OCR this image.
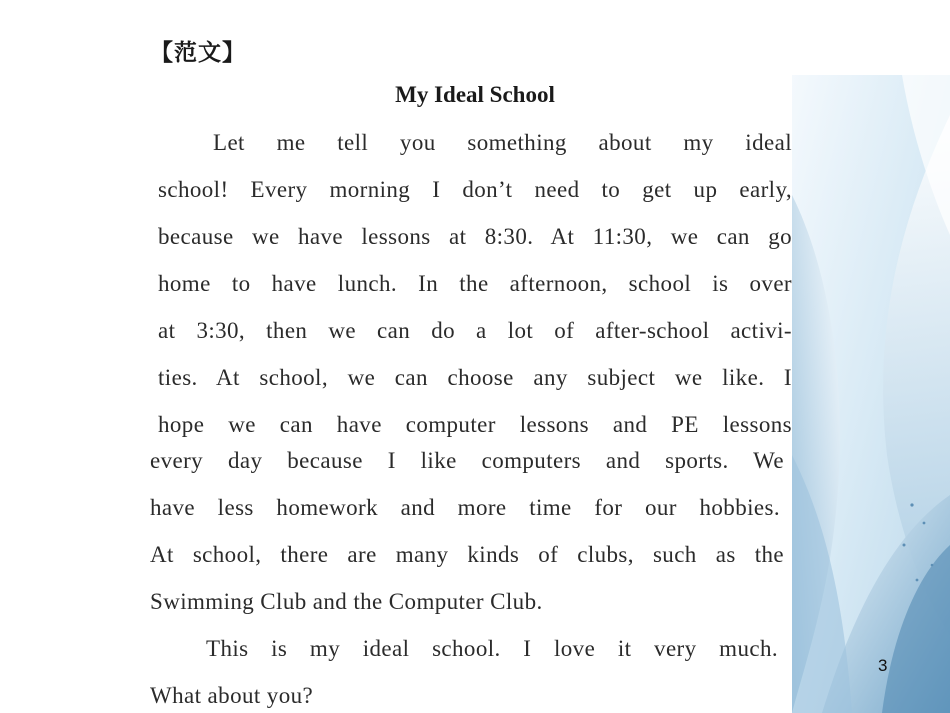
【范文】
My Ideal School
Let me tell you something about my ideal
school! Every morning I don’t need to get up early,
because we have lessons at 8:30. At 11:30, we can go
home to have lunch. In the afternoon, school is over
at 3:30, then we can do a lot of after-school activi-
ties. At school, we can choose any subject we like. I
hope we can have computer lessons and PE lessons
every day because I like computers and sports. We
have less homework and more time for our hobbies.
At school, there are many kinds of clubs, such as the
Swimming Club and the Computer Club.
This is my ideal school. I love it very much.
What about you?
3
